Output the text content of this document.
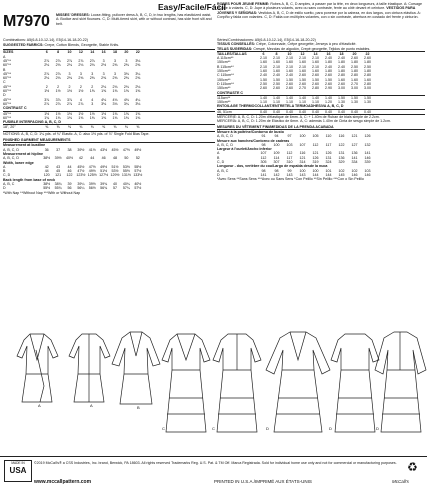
Easy/Facile/Fácil
M7970 MISSES' DRESSES: Loose-fitting, pullover dress A, B, C, D, in two lengths, has elasticized waist. A: Bodice and skirt flounces. C, D: Multi-tiered skirt, with or without contrast, has side front slit and belt.
ROBES POUR JEUNE FEMME: Robes A, B, C, D amples, à passer par la tête, en deux longueurs, à taille élastique. A: Corsage et jupe à volants. C, D: Jupe à plusieurs volants, avec ou sans contraste, fente au côté devant et ceinture. VESTIDOS PARA JÓVENES Y SEÑORAS: Vestidos A, B, C, D de estilo suelto, para ponerse por la cabeza, en dos largos, con cintura elástica. A: Corpiño y falda con volantes. C, D: Falda con múltiples volantes, con o sin contraste, abertura en costado del frente y cinturón.
Combinations: A5(6-8-10-12-14), E5(14-16-18-20-22)
SUGGESTED FABRICS: Crepe, Cotton Blends, Georgette, Stable Knits.
SIZES	6	8	10	12	14	16	18	20	22
A
45"**	2⅞	2⅞	2⅞	2⅞	2⅞	3	3	3	3⅛
60"**	2⅛	2⅛	2⅛	2⅛	2⅛	2½	2⅜	2⅜	2⅜
B
45"**	2⅞	2⅞	3	3	3	3	3	3⅛	3¼
60"**	2⅛	2⅛	2⅜	2⅜	2⅜	2⅜	2⅜	2⅜	2⅜
C
45"**	2	2	2	2	2	2⅛	2⅛	2⅛	2⅛
60"**	1½	1½	1½	1½	1⅝	1⅝	1⅝	1⅝	1⅝
D
45"**	3⅞	3⅞	3⅞	4	4	4⅛	4⅛	4⅛	4¼
60"**	2⅞	2⅞	2⅞	2⅞	3	3⅛	3⅛	3¼	3⅛
CONTRAST C
45"**	1½	1½	1½	1½	1½	1½	1⅝	1⅝	1⅝
60"**	1¾	1⅜	1⅜	1⅜	1⅜	1⅜	1⅜	1⅜	1⅜
FUSIBLE INTERFACING A, B, C, D
18", 20"	⅜	⅜	⅜	⅜	⅜	⅜	⅜	⅜	⅜
NOTIONS: A, B, C, D: 1¼ yds. of ¾" Elastic. A, C: also 1½ yds. of ⅞" Single Fold Bias Tape.
FINISHED GARMENT MEASUREMENTS
Measurement at bustline
A, B, C, D	36	37	38	39½	41½	43½	45½	47½	49½
Measurement at hipline
A, B, C, D	38½	39½	40½	42	44	46	48	50	52
Width, lower edge
A	42	43	44	45½	47½	49½	51½	53½	55½
B	44	45	46	47½	49½	51½	53½	55½	57½
C, D	120	121	122	123½ 125½ 127½ 129½ 131½ 133½
Back length from base of neck
A, B, C	38½	38¾	39	39¼	39½	39¾	40	40¼	40½
D	55½	55¾	56	56¼	56½	56¾	57	57¼	57½
*With Nap **Without Nap ***With or Without Nap
Séries/Combinaciones: A5(6-8-10-12-14), E5(14-16-18-20-22)
TISSUS CONSEILLÉS: Crêpe, Cotonnade, Crêpe georgette; Jerseys à peu d'élasticité.
TELAS SUGERIDAS: Crespé, Mezclas de algodón, Crepé georgette, Tejidos de punto estables.
TAILLES/TALLAS	6	8	10	12	14	16	18	20	22
A 115cm**	2.10	2.10	2.10	2.10	2.10	2.40	2.40	2.60	2.60
150cm**	1.60	1.60	1.60	1.60	1.60	1.80	1.80	1.80	1.80
B 115cm**	2.10	2.10	2.10	2.10	2.10	2.40	2.40	2.50	2.50
150cm**	1.60	1.60	1.60	1.60	1.60	1.80	1.80	1.80	1.80
C 115cm**	2.40	2.40	2.40	2.60	2.60	2.60	2.80	2.80	2.80
150cm**	1.50	1.50	1.50	1.50	1.50	1.50	1.60	1.60	1.60
D 115cm**	2.50	2.50	2.60	2.60	2.60	2.60	2.60	2.70	2.80
150cm**	2.60	2.60	2.60	2.70	2.80	2.90	3.00	3.00	3.00
CONTRASTE C
115cm**	1.40	1.40	1.40	1.40	1.40	1.40	1.50	1.50	1.50
150cm**	1.10	1.10	1.10	1.10	1.10	1.20	1.30	1.30	1.30
ENTOILAGE THERMOCOLLANT/ENTRETELA TERMOADHESIVA A, B, C, D
46, 51cm	0.40	0.40	0.40	0.40	0.40	0.40	0.40	0.40	0.40
MERCERIE: A, B, C, D: 1.20m d'élastique de 6mm. A, C: + 1.40m de Ruban de biais simple de 2.2cm.
MERCERÍA: A, B, C, D: 1.20m de Elástico de 6mm. A, C: además 1.40m de Cinta de sesgo simple de 1.2cm.
MESURES DU VÊTEMENT FINI/MEDIDAS DE LA PRENDA ACABADA
Mesure à la poitrine/Contorno de busto
A, B, C, D	91	94	97	100	105	110	116	121	126
Mesure aux hanches/Contorno de caderas
A, B, C, D	98	100	103	107	112	117	122	127	132
Largeur à l'ourlet/Ancho inferior
A	107	109	112	116	121	126	131	136	141
B	112	114	117	121	126	131	136	141	146
C, D	305	307	310	314	319	324	329	334	339
Longueur - dos, vertèbre du cou/Largo de espalda desde la nuca
A, B, C	98	98	99	100	100	101	102	102	103
D	141	142	143	143	144	144	145	146	146
*Avec Sens **Sans Sens ***Avec ou Sans Sens *Con Pelillo **Sin Pelillo ***Con o Sin Pelillo
A	A	B
C	C	D	D	D
MADE IN
USA
©2019 McCall's® a CSS Industries, Inc. brand, Berwick, PA 18603. All rights reserved Trademarks Reg. U.S. Pat. & TM Off. Marca Registrada. Sold for individual home use only and not for commercial or manufacturing purposes.
www.mccallpattern.com	PRINTED IN U.S.A./IMPRIMÉ AUX ÉTATS-UNIS
♻
McCall's
